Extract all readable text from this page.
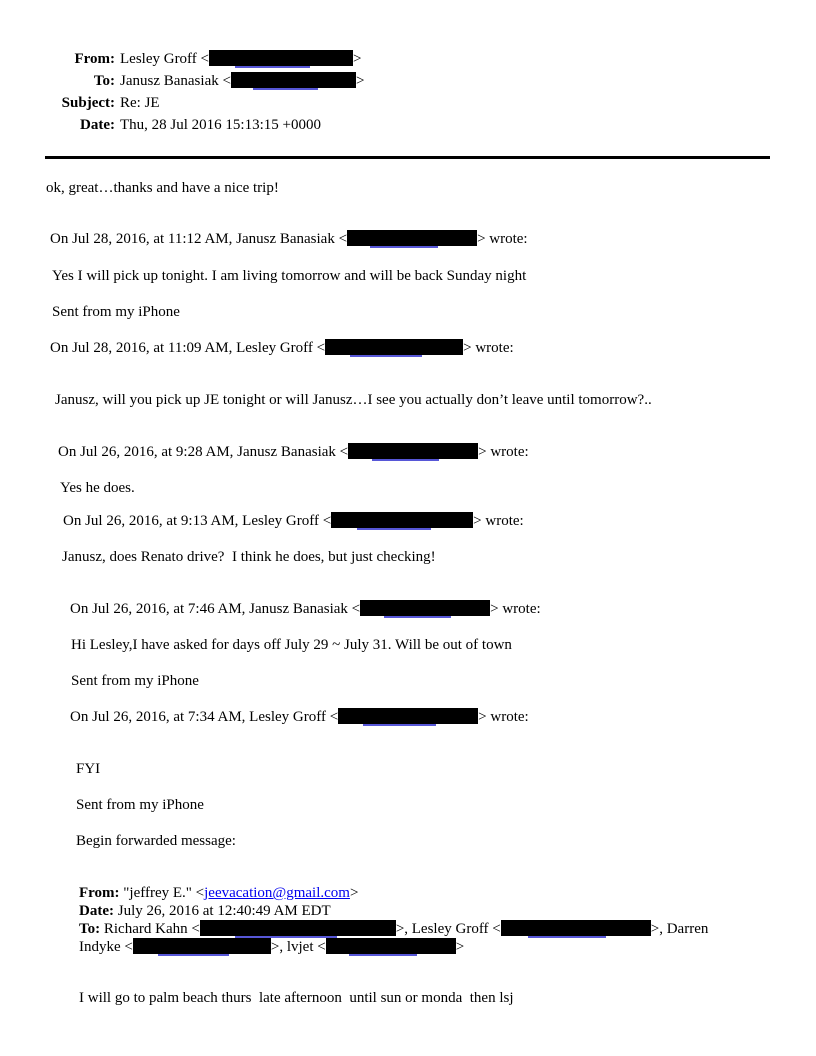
From: Lesley Groff <	>
To: Janusz Banasiak <	>
Subject: Re: JE
Date: Thu, 28 Jul 2016 15:13:15 +0000

ok, great…thanks and have a nice trip!

On Jul 28, 2016, at 11:12 AM, Janusz Banasiak <	> wrote:

Yes I will pick up tonight. I am living tomorrow and will be back Sunday night

Sent from my iPhone

On Jul 28, 2016, at 11:09 AM, Lesley Groff <	> wrote:

Janusz, will you pick up JE tonight or will Janusz…I see you actually don’t leave until tomorrow?..

On Jul 26, 2016, at 9:28 AM, Janusz Banasiak <	> wrote:

Yes he does.

On Jul 26, 2016, at 9:13 AM, Lesley Groff <	> wrote:

Janusz, does Renato drive?  I think he does, but just checking!

On Jul 26, 2016, at 7:46 AM, Janusz Banasiak <	> wrote:

Hi Lesley,I have asked for days off July 29 ~ July 31. Will be out of town

Sent from my iPhone

On Jul 26, 2016, at 7:34 AM, Lesley Groff <	> wrote:

FYI

Sent from my iPhone

Begin forwarded message:

From: "jeffrey E." <jeevacation@gmail.com>

Date: July 26, 2016 at 12:40:49 AM EDT

To: Richard Kahn <	>, Lesley Groff <	>, Darren

Indyke <	>, lvjet <	>

I will go to palm beach thurs  late afternoon  until sun or monda  then lsj
